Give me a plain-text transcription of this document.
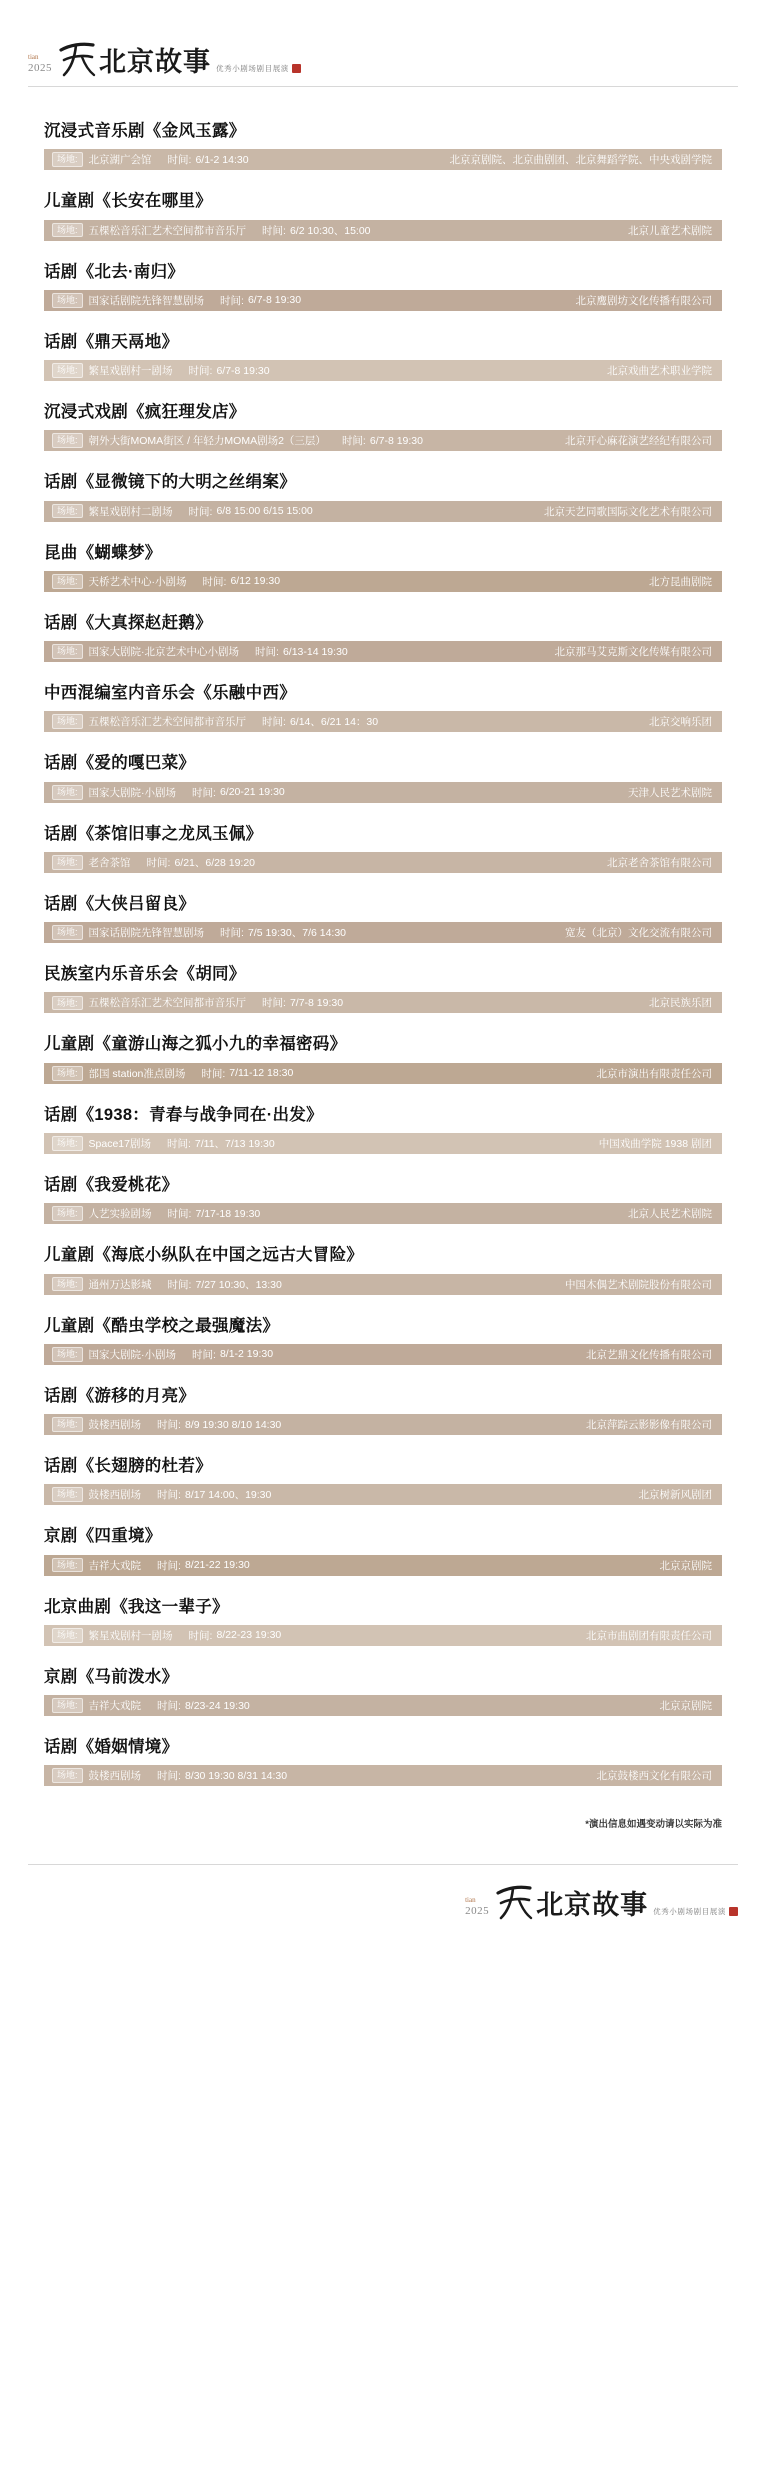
tian
2025 北京故事 优秀小剧场剧目展演
沉浸式音乐剧《金风玉露》
场地:	北京湖广会馆 时间: 6/1-2 14:30	北京京剧院、北京曲剧团、北京舞蹈学院、中央戏剧学院
儿童剧《长安在哪里》
场地:	五棵松音乐汇艺术空间都市音乐厅 时间: 6/2 10:30、15:00	北京儿童艺术剧院
话剧《北去·南归》
场地:	国家话剧院先锋智慧剧场 时间: 6/7-8 19:30	北京鹰剧坊文化传播有限公司
话剧《鼎天鬲地》
场地:	繁星戏剧村一剧场 时间: 6/7-8 19:30	北京戏曲艺术职业学院
沉浸式戏剧《疯狂理发店》
场地:	朝外大街MOMA街区 / 年轻力MOMA剧场2（三层） 时间: 6/7-8 19:30	北京开心麻花演艺经纪有限公司
话剧《显微镜下的大明之丝绢案》
场地:	繁星戏剧村二剧场 时间: 6/8 15:00 6/15 15:00	北京天艺同歌国际文化艺术有限公司
昆曲《蝴蝶梦》
场地:	天桥艺术中心·小剧场 时间: 6/12 19:30	北方昆曲剧院
话剧《大真探赵赶鹅》
场地:	国家大剧院·北京艺术中心小剧场 时间: 6/13-14 19:30	北京那马艾克斯文化传媒有限公司
中西混编室内音乐会《乐融中西》
场地:	五棵松音乐汇艺术空间都市音乐厅 时间: 6/14、6/21 14：30	北京交响乐团
话剧《爱的嘎巴菜》
场地:	国家大剧院·小剧场 时间: 6/20-21 19:30	天津人民艺术剧院
话剧《茶馆旧事之龙凤玉佩》
场地:	老舍茶馆 时间: 6/21、6/28 19:20	北京老舍茶馆有限公司
话剧《大侠吕留良》
场地:	国家话剧院先锋智慧剧场 时间: 7/5 19:30、7/6 14:30	宽友（北京）文化交流有限公司
民族室内乐音乐会《胡同》
场地:	五棵松音乐汇艺术空间都市音乐厅 时间: 7/7-8 19:30	北京民族乐团
儿童剧《童游山海之狐小九的幸福密码》
场地:	部国 station准点剧场 时间: 7/11-12 18:30	北京市演出有限责任公司
话剧《1938：青春与战争同在·出发》
场地:	Space17剧场 时间: 7/11、7/13 19:30	中国戏曲学院 1938 剧团
话剧《我爱桃花》
场地:	人艺实验剧场 时间: 7/17-18 19:30	北京人民艺术剧院
儿童剧《海底小纵队在中国之远古大冒险》
场地:	通州万达影城 时间: 7/27 10:30、13:30	中国木偶艺术剧院股份有限公司
儿童剧《酷虫学校之最强魔法》
场地:	国家大剧院·小剧场 时间: 8/1-2 19:30	北京艺鼎文化传播有限公司
话剧《游移的月亮》
场地:	鼓楼西剧场 时间: 8/9 19:30 8/10 14:30	北京萍踪云影影像有限公司
话剧《长翅膀的杜若》
场地:	鼓楼西剧场 时间: 8/17 14:00、19:30	北京树新风剧团
京剧《四重境》
场地:	吉祥大戏院 时间: 8/21-22 19:30	北京京剧院
北京曲剧《我这一辈子》
场地:	繁星戏剧村一剧场 时间: 8/22-23 19:30	北京市曲剧团有限责任公司
京剧《马前泼水》
场地:	吉祥大戏院 时间: 8/23-24 19:30	北京京剧院
话剧《婚姻情境》
场地:	鼓楼西剧场 时间: 8/30 19:30 8/31 14:30	北京鼓楼西文化有限公司
*演出信息如遇变动请以实际为准
tian
2025 北京故事 优秀小剧场剧目展演
